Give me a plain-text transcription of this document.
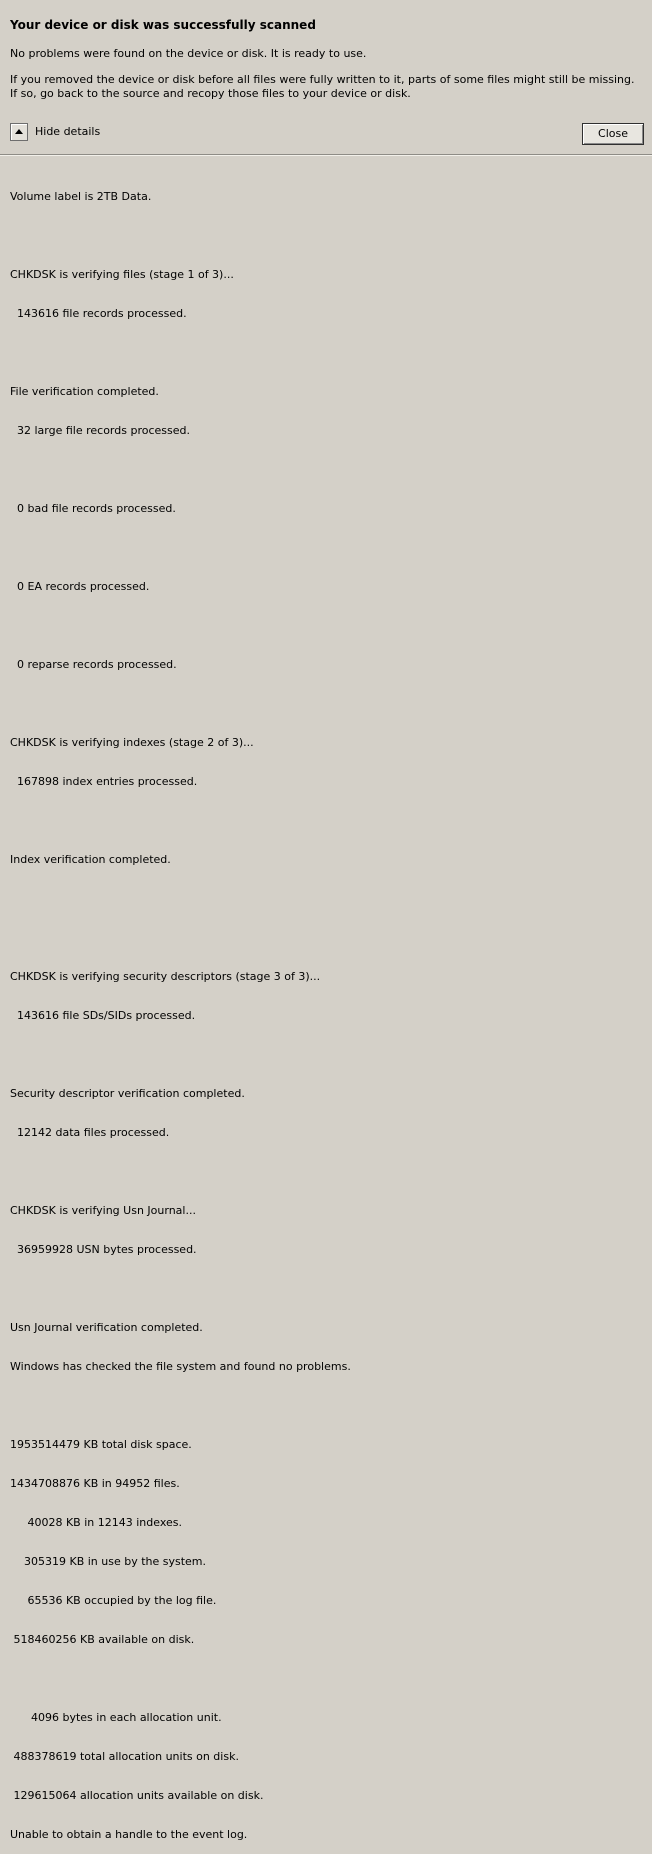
Your device or disk was successfully scanned
No problems were found on the device or disk. It is ready to use.
If you removed the device or disk before all files were fully written to it, parts of some files might still be missing. If so, go back to the source and recopy those files to your device or disk.
Hide details	Close

Volume label is 2TB Data.

CHKDSK is verifying files (stage 1 of 3)...

143616 file records processed.

File verification completed.

32 large file records processed.

0 bad file records processed.

0 EA records processed.

0 reparse records processed.

CHKDSK is verifying indexes (stage 2 of 3)...

167898 index entries processed.

Index verification completed.

CHKDSK is verifying security descriptors (stage 3 of 3)...

143616 file SDs/SIDs processed.

Security descriptor verification completed.

12142 data files processed.

CHKDSK is verifying Usn Journal...

36959928 USN bytes processed.

Usn Journal verification completed.

Windows has checked the file system and found no problems.

1953514479 KB total disk space.

1434708876 KB in 94952 files.

40028 KB in 12143 indexes.

305319 KB in use by the system.

65536 KB occupied by the log file.

518460256 KB available on disk.

4096 bytes in each allocation unit.

488378619 total allocation units on disk.

129615064 allocation units available on disk.

Unable to obtain a handle to the event log.
